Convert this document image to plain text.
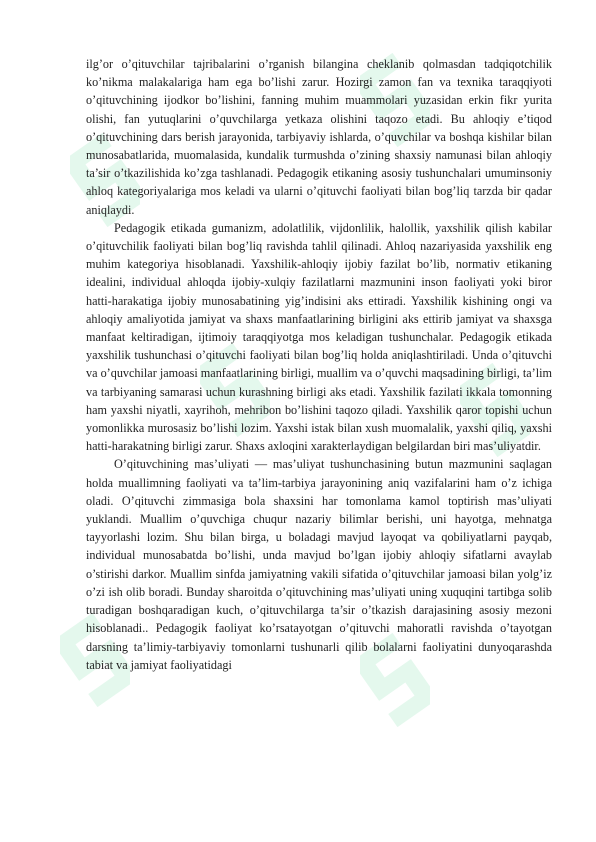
ilg’or o’qituvchilar tajribalarini o’rganish bilangina cheklanib qolmasdan tadqiqotchilik ko’nikma malakalariga ham ega bo’lishi zarur. Hozirgi zamon fan va texnika taraqqiyoti o’qituvchining ijodkor bo’lishini, fanning muhim muammolari yuzasidan erkin fikr yurita olishi, fan yutuqlarini o’quvchilarga yetkaza olishini taqozo etadi. Bu ahloqiy e’tiqod o’qituvchining dars berish jarayonida, tarbiyaviy ishlarda, o’quvchilar va boshqa kishilar bilan munosabatlarida, muomalasida, kundalik turmushda o’zining shaxsiy namunasi bilan ahloqiy ta’sir o’tkazilishida ko’zga tashlanadi. Pedagogik etikaning asosiy tushunchalari umuminsoniy ahloq kategoriyalariga mos keladi va ularni o’qituvchi faoliyati bilan bog’liq tarzda bir qadar aniqlaydi.

Pedagogik etikada gumanizm, adolatlilik, vijdonlilik, halollik, yaxshilik qilish kabilar o’qituvchilik faoliyati bilan bog’liq ravishda tahlil qilinadi. Ahloq nazariyasida yaxshilik eng muhim kategoriya hisoblanadi. Yaxshilik-ahloqiy ijobiy fazilat bo’lib, normativ etikaning idealini, individual ahloqda ijobiy-xulqiy fazilatlarni mazmunini inson faoliyati yoki biror hatti-harakatiga ijobiy munosabatining yig’indisini aks ettiradi. Yaxshilik kishining ongi va ahloqiy amaliyotida jamiyat va shaxs manfaatlarining birligini aks ettirib jamiyat va shaxsga manfaat keltiradigan, ijtimoiy taraqqiyotga mos keladigan tushunchalar. Pedagogik etikada yaxshilik tushunchasi o’qituvchi faoliyati bilan bog’liq holda aniqlashtiriladi. Unda o’qituvchi va o’quvchilar jamoasi manfaatlarining birligi, muallim va o’quvchi maqsadining birligi, ta’lim va tarbiyaning samarasi uchun kurashning birligi aks etadi. Yaxshilik fazilati ikkala tomonning ham yaxshi niyatli, xayrihoh, mehribon bo’lishini taqozo qiladi. Yaxshilik qaror topishi uchun yomonlikka murosasiz bo’lishi lozim. Yaxshi istak bilan xush muomalalik, yaxshi qiliq, yaxshi hatti-harakatning birligi zarur. Shaxs axloqini xarakterlaydigan belgilardan biri mas’uliyatdir.

O’qituvchining mas’uliyati — mas’uliyat tushunchasining butun mazmunini saqlagan holda muallimning faoliyati va ta’lim-tarbiya jarayonining aniq vazifalarini ham o’z ichiga oladi. O’qituvchi zimmasiga bola shaxsini har tomonlama kamol toptirish mas’uliyati yuklandi. Muallim o’quvchiga chuqur nazariy bilimlar berishi, uni hayotga, mehnatga tayyorlashi lozim. Shu bilan birga, u boladagi mavjud layoqat va qobiliyatlarni payqab, individual munosabatda bo’lishi, unda mavjud bo’lgan ijobiy ahloqiy sifatlarni avaylab o’stirishi darkor. Muallim sinfda jamiyatning vakili sifatida o’qituvchilar jamoasi bilan yolg’iz o’zi ish olib boradi. Bunday sharoitda o’qituvchining mas’uliyati uning xuquqini tartibga solib turadigan boshqaradigan kuch, o’qituvchilarga ta’sir o’tkazish darajasining asosiy mezoni hisoblanadi.. Pedagogik faoliyat ko’rsatayotgan o’qituvchi mahoratli ravishda o’tayotgan darsning ta’limiy-tarbiyaviy tomonlarni tushunarli qilib bolalarni faoliyatini dunyoqarashda tabiat va jamiyat faoliyatidagi
